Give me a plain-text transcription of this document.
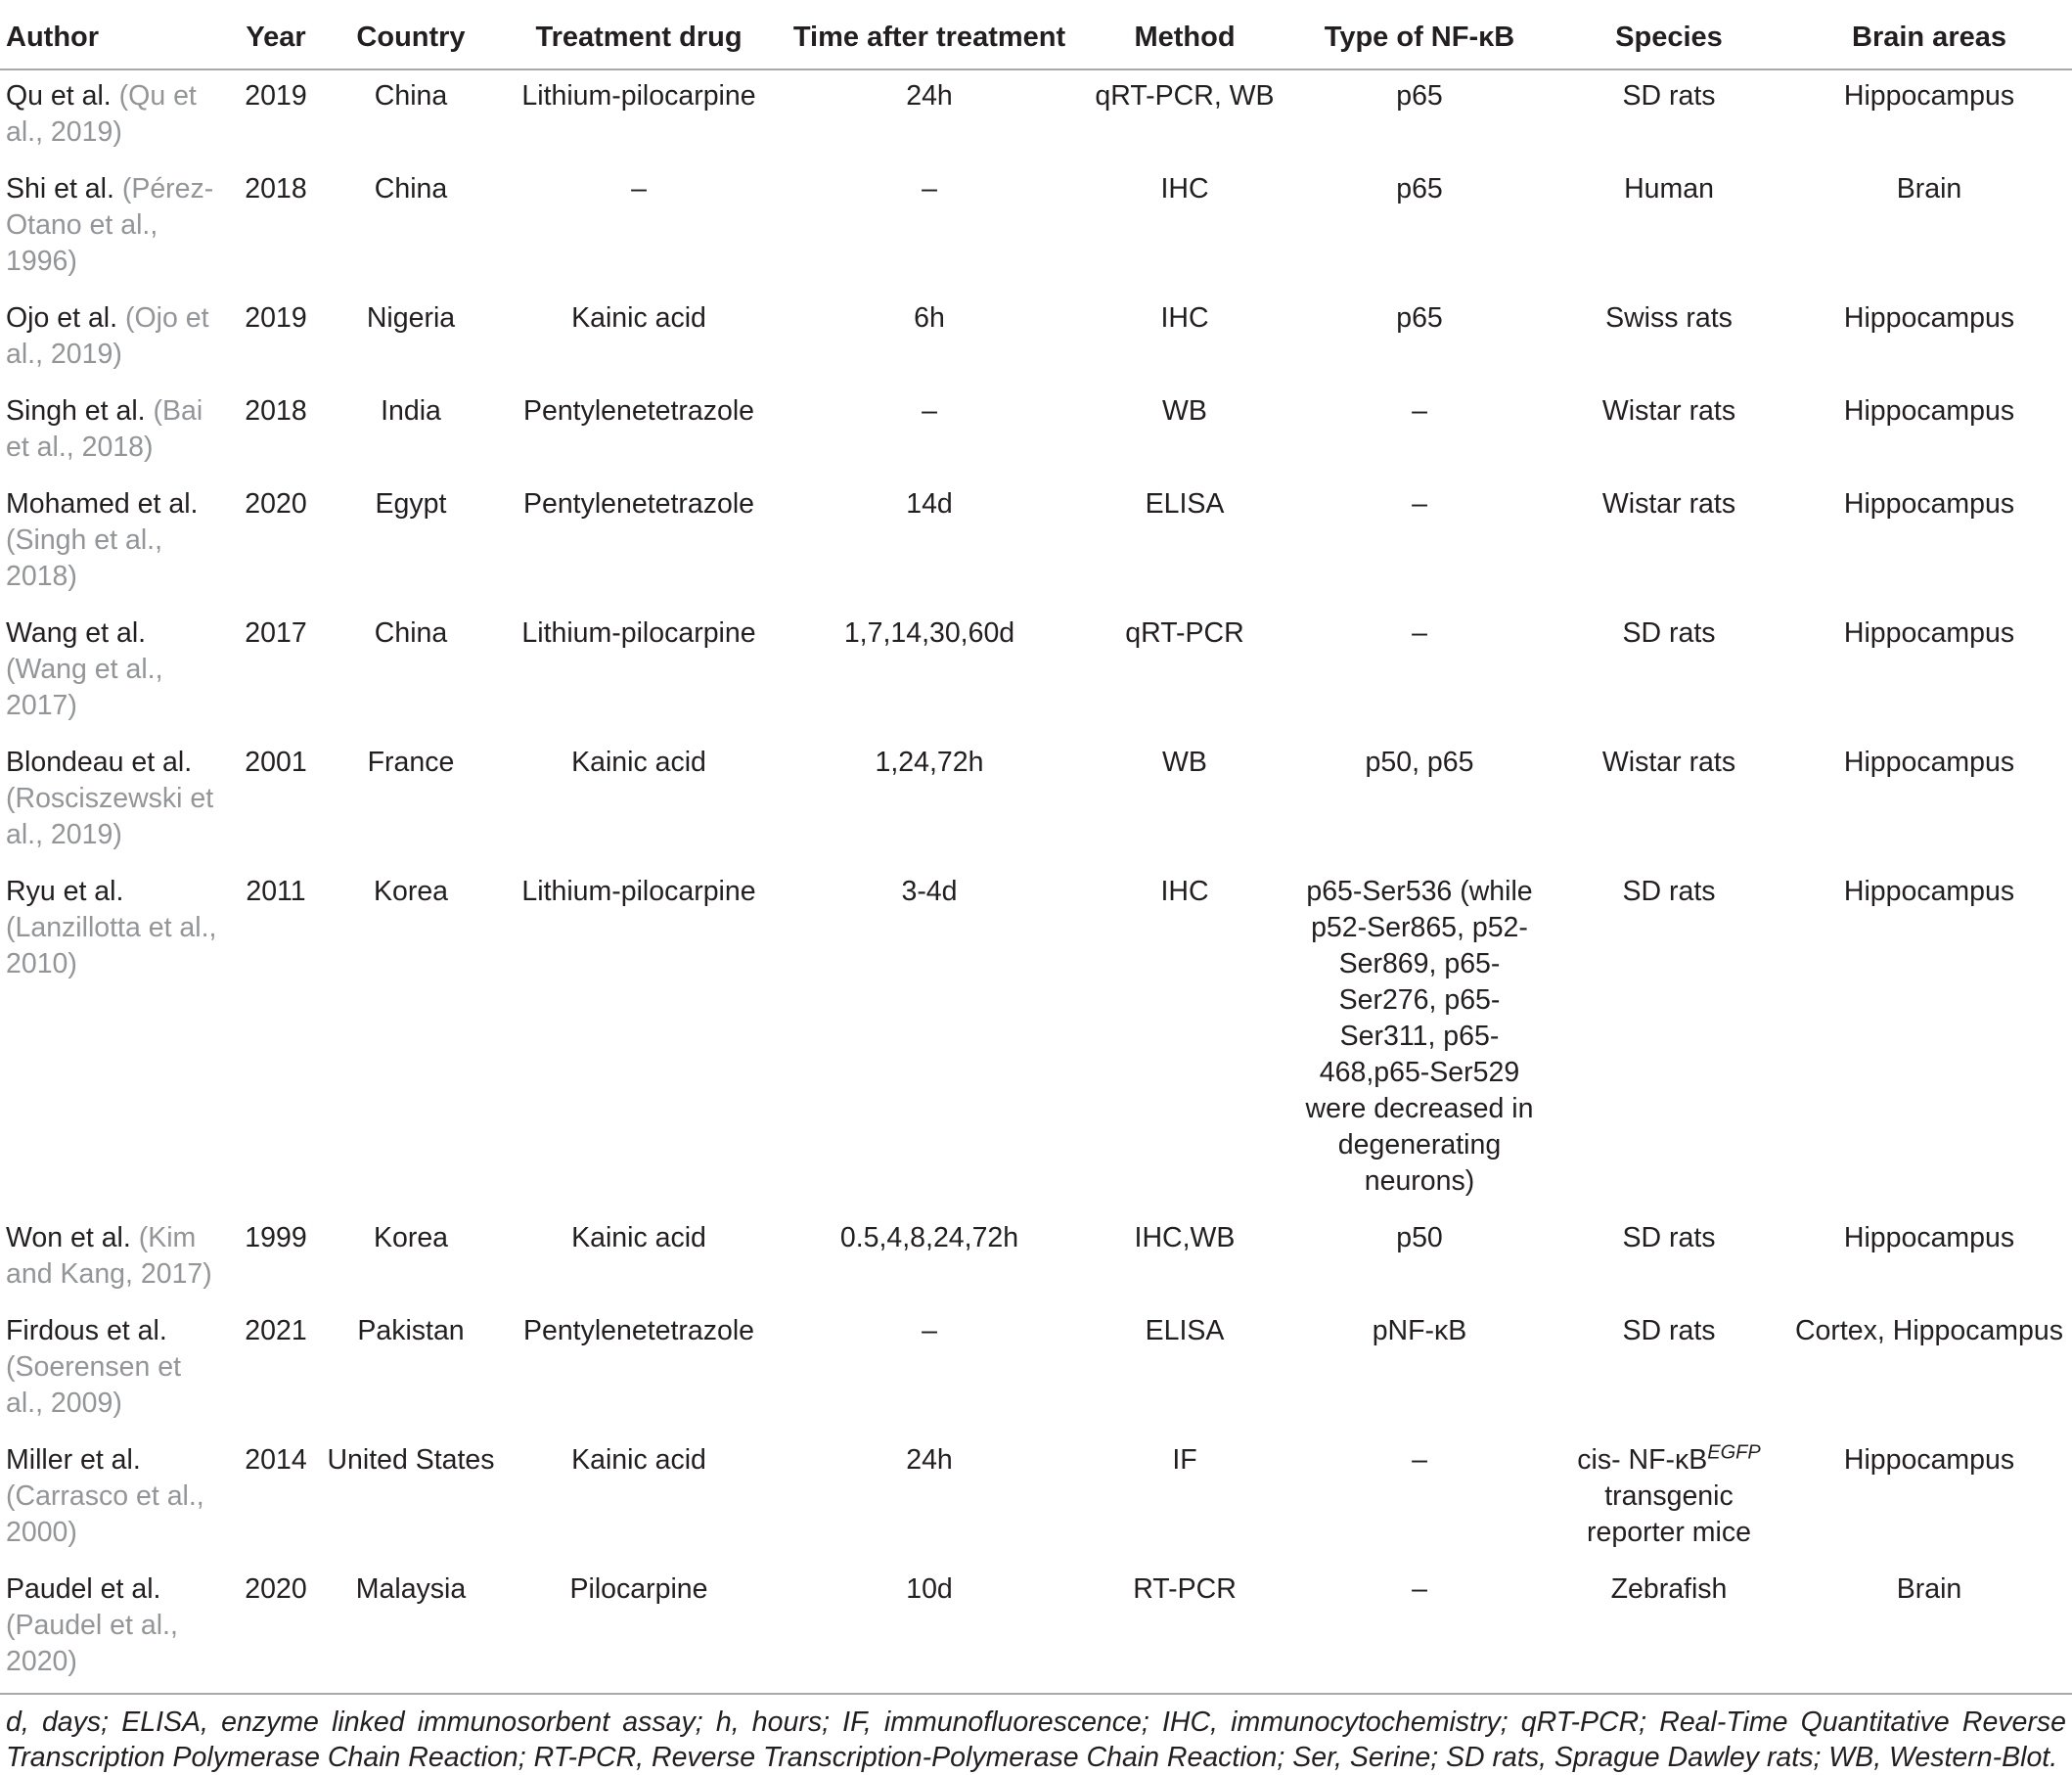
Author	Year	Country	Treatment drug	Time after treatment	Method	Type of NF-κB	Species	Brain areas
Qu et al. (Qu et al., 2019)	2019	China	Lithium-pilocarpine	24h	qRT-PCR, WB	p65	SD rats	Hippocampus
Shi et al. (Pérez-Otano et al., 1996)	2018	China	–	–	IHC	p65	Human	Brain
Ojo et al. (Ojo et al., 2019)	2019	Nigeria	Kainic acid	6h	IHC	p65	Swiss rats	Hippocampus
Singh et al. (Bai et al., 2018)	2018	India	Pentylenetetrazole	–	WB	–	Wistar rats	Hippocampus
Mohamed et al. (Singh et al., 2018)	2020	Egypt	Pentylenetetrazole	14d	ELISA	–	Wistar rats	Hippocampus
Wang et al. (Wang et al., 2017)	2017	China	Lithium-pilocarpine	1,7,14,30,60d	qRT-PCR	–	SD rats	Hippocampus
Blondeau et al. (Rosciszewski et al., 2019)	2001	France	Kainic acid	1,24,72h	WB	p50, p65	Wistar rats	Hippocampus
Ryu et al. (Lanzillotta et al., 2010)	2011	Korea	Lithium-pilocarpine	3-4d	IHC	p65-Ser536 (while p52-Ser865, p52-Ser869, p65-Ser276, p65-Ser311, p65-468,p65-Ser529 were decreased in degenerating neurons)	SD rats	Hippocampus
Won et al. (Kim and Kang, 2017)	1999	Korea	Kainic acid	0.5,4,8,24,72h	IHC,WB	p50	SD rats	Hippocampus
Firdous et al. (Soerensen et al., 2009)	2021	Pakistan	Pentylenetetrazole	–	ELISA	pNF-κB	SD rats	Cortex, Hippocampus
Miller et al. (Carrasco et al., 2000)	2014	United States	Kainic acid	24h	IF	–	cis- $NF-\kappa B^{EGFP}$ transgenic reporter mice	Hippocampus
Paudel et al. (Paudel et al., 2020)	2020	Malaysia	Pilocarpine	10d	RT-PCR	–	Zebrafish	Brain
d, days; ELISA, enzyme linked immunosorbent assay; h, hours; IF, immunofluorescence; IHC, immunocytochemistry; qRT-PCR; Real-Time Quantitative Reverse Transcription Polymerase Chain Reaction; RT-PCR, Reverse Transcription-Polymerase Chain Reaction; Ser, Serine; SD rats, Sprague Dawley rats; WB, Western-Blot.
